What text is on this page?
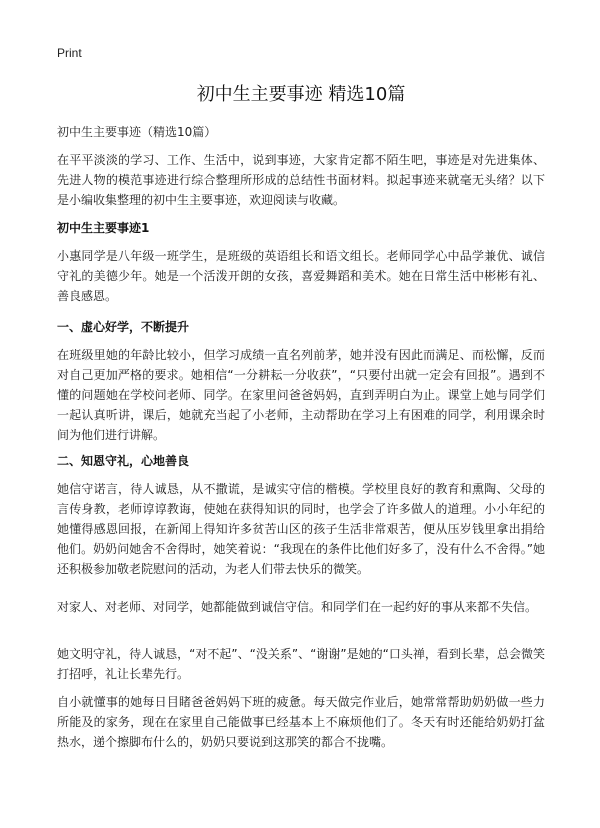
Print
初中生主要事迹 精选10篇
初中生主要事迹（精选10篇）

在平平淡淡的学习、工作、生活中，说到事迹，大家肯定都不陌生吧，事迹是对先进集体、先进人物的模范事迹进行综合整理所形成的总结性书面材料。拟起事迹来就毫无头绪？以下是小编收集整理的初中生主要事迹，欢迎阅读与收藏。

初中生主要事迹1

小惠同学是八年级一班学生，是班级的英语组长和语文组长。老师同学心中品学兼优、诚信守礼的美德少年。她是一个活泼开朗的女孩，喜爱舞蹈和美术。她在日常生活中彬彬有礼、善良感恩。

一、虚心好学，不断提升

在班级里她的年龄比较小，但学习成绩一直名列前茅，她并没有因此而满足、而松懈，反而对自己更加严格的要求。她相信“一分耕耘一分收获”，“只要付出就一定会有回报”。遇到不懂的问题她在学校问老师、同学。在家里问爸爸妈妈，直到弄明白为止。课堂上她与同学们一起认真听讲，课后，她就充当起了小老师，主动帮助在学习上有困难的同学，利用课余时间为他们进行讲解。

二、知恩守礼，心地善良

她信守诺言，待人诚恳，从不撒谎，是诚实守信的楷模。学校里良好的教育和熏陶、父母的言传身教，老师谆谆教诲，使她在获得知识的同时，也学会了许多做人的道理。小小年纪的她懂得感恩回报，在新闻上得知许多贫苦山区的孩子生活非常艰苦，便从压岁钱里拿出捐给他们。奶奶问她舍不舍得时，她笑着说：“我现在的条件比他们好多了，没有什么不舍得。”她还积极参加敬老院慰问的活动，为老人们带去快乐的微笑。

对家人、对老师、对同学，她都能做到诚信守信。和同学们在一起约好的事从来都不失信。

她文明守礼，待人诚恳，“对不起”、“没关系”、“谢谢”是她的“口头禅，看到长辈，总会微笑打招呼，礼让长辈先行。

自小就懂事的她每日目睹爸爸妈妈下班的疲惫。每天做完作业后，她常常帮助奶奶做一些力所能及的家务，现在在家里自己能做事已经基本上不麻烦他们了。冬天有时还能给奶奶打盆热水，递个擦脚布什么的，奶奶只要说到这那笑的都合不拢嘴。
